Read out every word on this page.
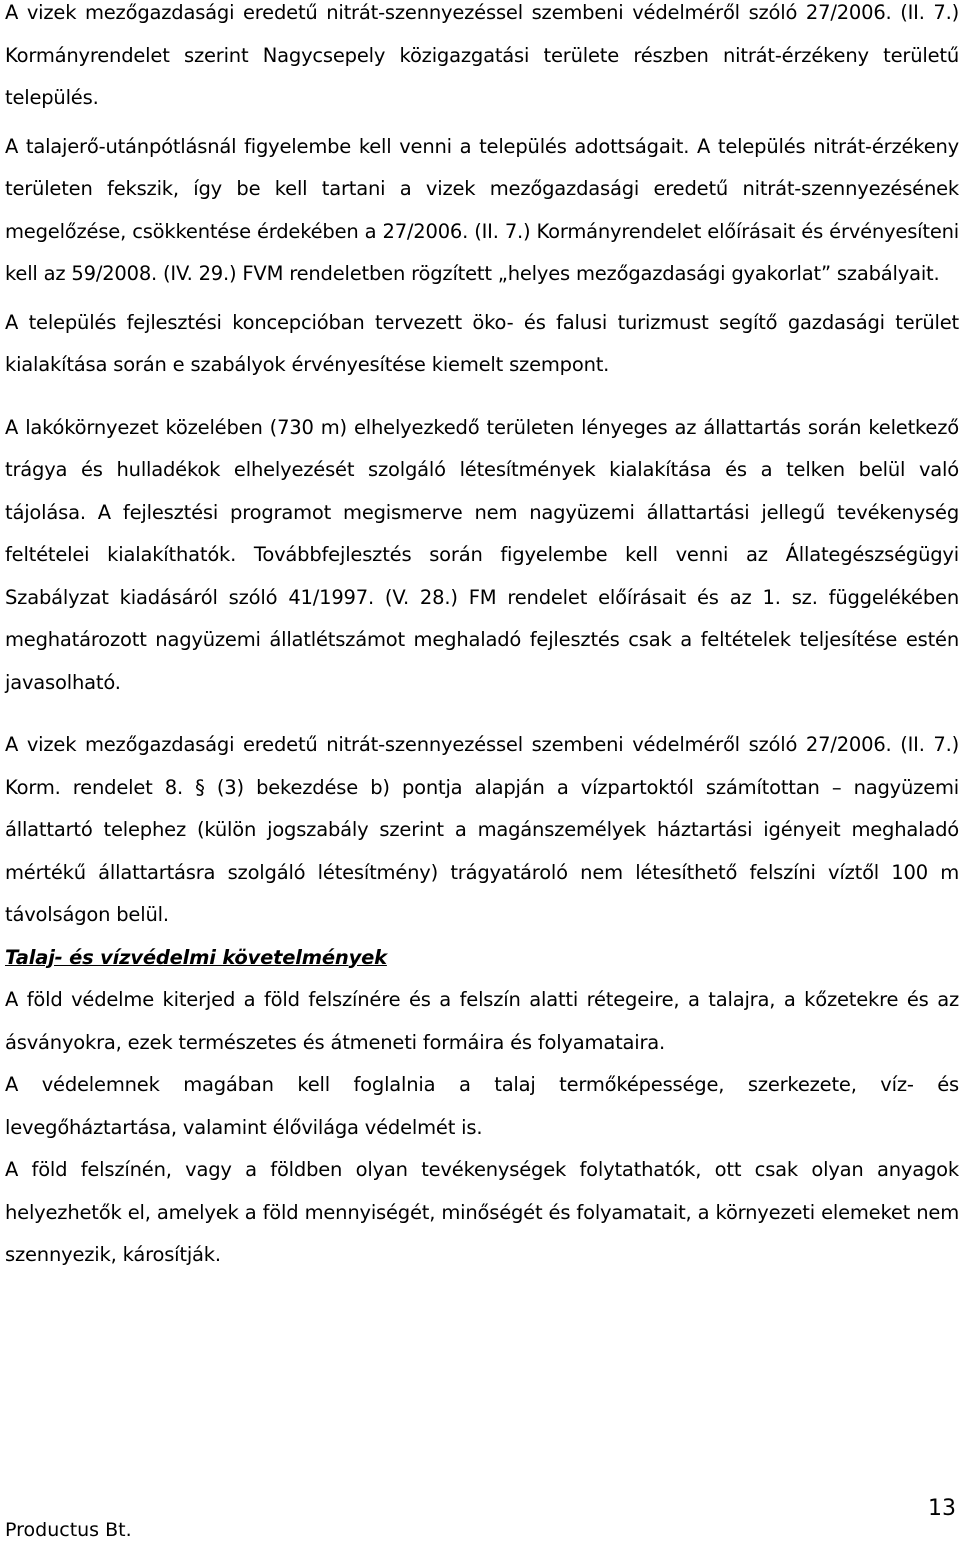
A vizek mezőgazdasági eredetű nitrát-szennyezéssel szembeni védelméről szóló 27/2006. (II. 7.) Kormányrendelet szerint Nagycsepely közigazgatási területe részben nitrát-érzékeny területű település.

A talajerő-utánpótlásnál figyelembe kell venni a település adottságait. A település nitrát-érzékeny területen fekszik, így be kell tartani a vizek mezőgazdasági eredetű nitrát-szennyezésének megelőzése, csökkentése érdekében a 27/2006. (II. 7.) Kormányrendelet előírásait és érvényesíteni kell az 59/2008. (IV. 29.) FVM rendeletben rögzített „helyes mezőgazdasági gyakorlat” szabályait.

A település fejlesztési koncepcióban tervezett öko- és falusi turizmust segítő gazdasági terület kialakítása során e szabályok érvényesítése kiemelt szempont.

A lakókörnyezet közelében (730 m) elhelyezkedő területen lényeges az állattartás során keletkező trágya és hulladékok elhelyezését szolgáló létesítmények kialakítása és a telken belül való tájolása. A fejlesztési programot megismerve nem nagyüzemi állattartási jellegű tevékenység feltételei kialakíthatók. Továbbfejlesztés során figyelembe kell venni az Állategészségügyi Szabályzat kiadásáról szóló 41/1997. (V. 28.) FM rendelet előírásait és az 1. sz. függelékében meghatározott nagyüzemi állatlétszámot meghaladó fejlesztés csak a feltételek teljesítése estén javasolható.

A vizek mezőgazdasági eredetű nitrát-szennyezéssel szembeni védelméről szóló 27/2006. (II. 7.) Korm. rendelet 8. § (3) bekezdése b) pontja alapján a vízpartoktól számítottan – nagyüzemi állattartó telephez (külön jogszabály szerint a magánszemélyek háztartási igényeit meghaladó mértékű állattartásra szolgáló létesítmény) trágyatároló nem létesíthető felszíni víztől 100 m távolságon belül.

Talaj- és vízvédelmi követelmények

A föld védelme kiterjed a föld felszínére és a felszín alatti rétegeire, a talajra, a kőzetekre és az ásványokra, ezek természetes és átmeneti formáira és folyamataira.

A védelemnek magában kell foglalnia a talaj termőképessége, szerkezete, víz- és levegőháztartása, valamint élővilága védelmét is.

A föld felszínén, vagy a földben olyan tevékenységek folytathatók, ott csak olyan anyagok helyezhetők el, amelyek a föld mennyiségét, minőségét és folyamatait, a környezeti elemeket nem szennyezik, károsítják.

Productus Bt.
13
